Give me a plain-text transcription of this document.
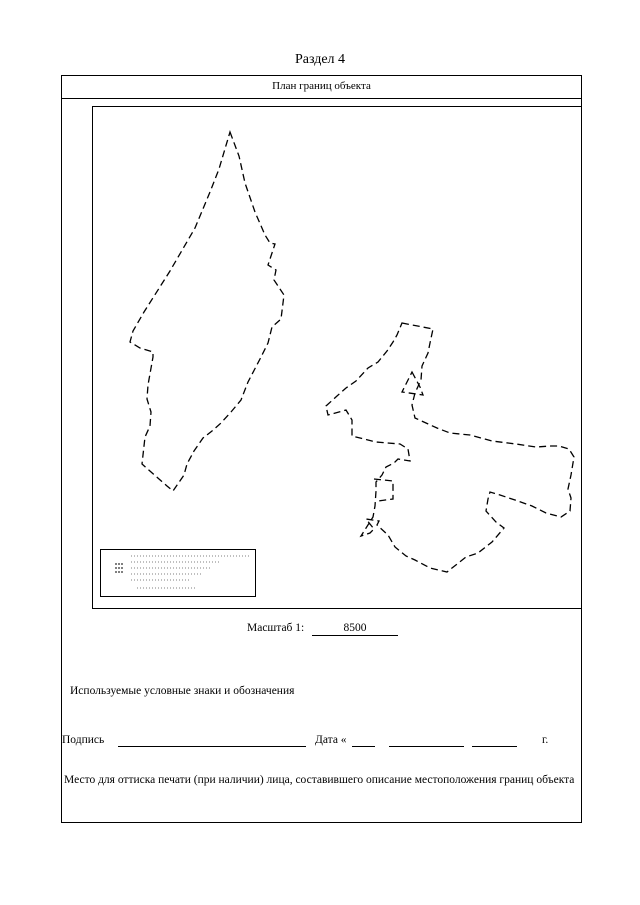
Раздел 4
План границ объекта
Масштаб 1:	8500
Используемые условные знаки и обозначения
Подпись	Дата «	г.
Место для оттиска печати (при наличии) лица, составившего описание местоположения границ объекта
